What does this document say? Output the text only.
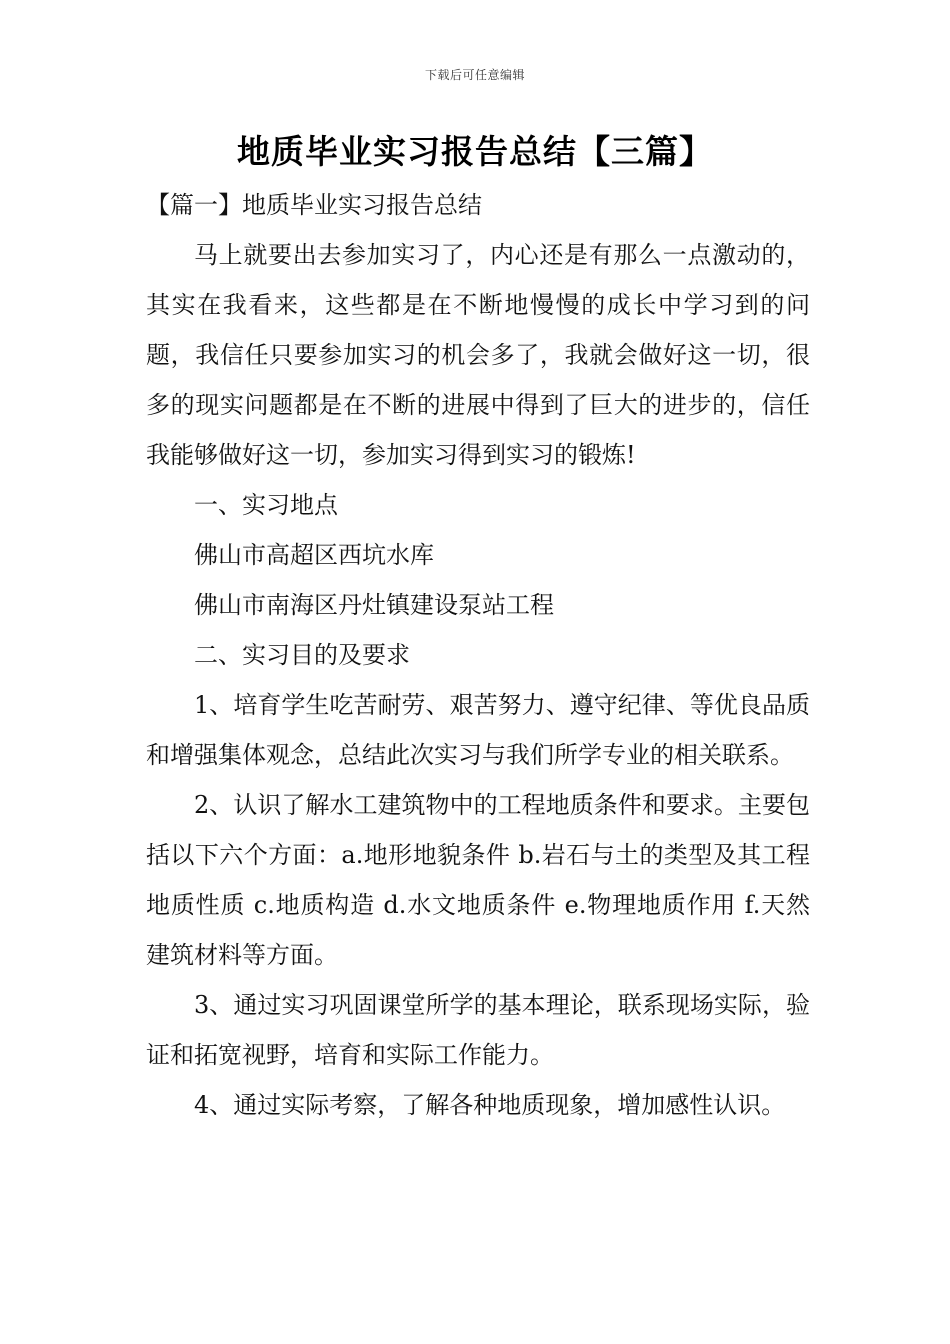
下载后可任意编辑
地质毕业实习报告总结【三篇】

【篇一】地质毕业实习报告总结

马上就要出去参加实习了，内心还是有那么一点激动的，其实在我看来，这些都是在不断地慢慢的成长中学习到的问题，我信任只要参加实习的机会多了，我就会做好这一切，很多的现实问题都是在不断的进展中得到了巨大的进步的，信任我能够做好这一切，参加实习得到实习的锻炼!

一、实习地点

佛山市高超区西坑水库

佛山市南海区丹灶镇建设泵站工程

二、实习目的及要求

1、培育学生吃苦耐劳、艰苦努力、遵守纪律、等优良品质和增强集体观念，总结此次实习与我们所学专业的相关联系。

2、认识了解水工建筑物中的工程地质条件和要求。主要包括以下六个方面：a.地形地貌条件 b.岩石与土的类型及其工程地质性质 c.地质构造 d.水文地质条件 e.物理地质作用 f.天然建筑材料等方面。

3、通过实习巩固课堂所学的基本理论，联系现场实际，验证和拓宽视野，培育和实际工作能力。

4、通过实际考察，了解各种地质现象，增加感性认识。
